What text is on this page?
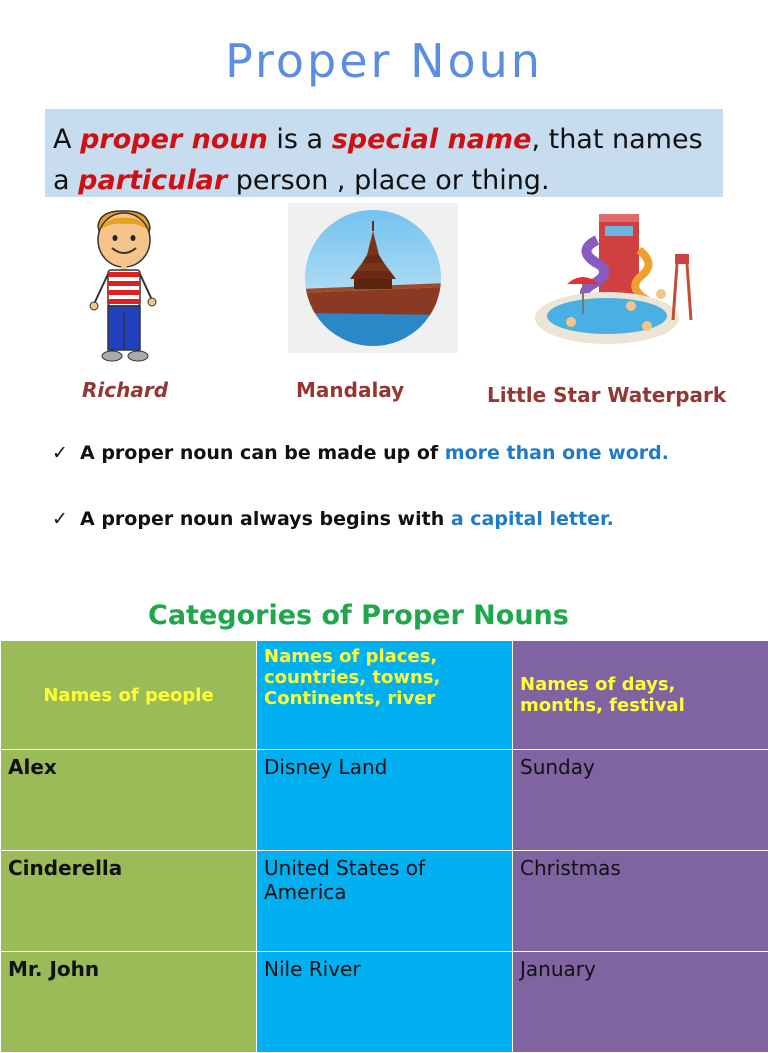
Proper Noun
A proper noun is a special name, that names a particular person , place or thing.
Richard	Mandalay	Little Star Waterpark
✓ A proper noun can be made up of more than one word.
✓ A proper noun always begins with a capital letter.
Categories of Proper Nouns
Names of people	Names of places, countries, towns, Continents, river	Names of days, months, festival
Alex	Disney Land	Sunday
Cinderella	United States of America	Christmas
Mr. John	Nile River	January
